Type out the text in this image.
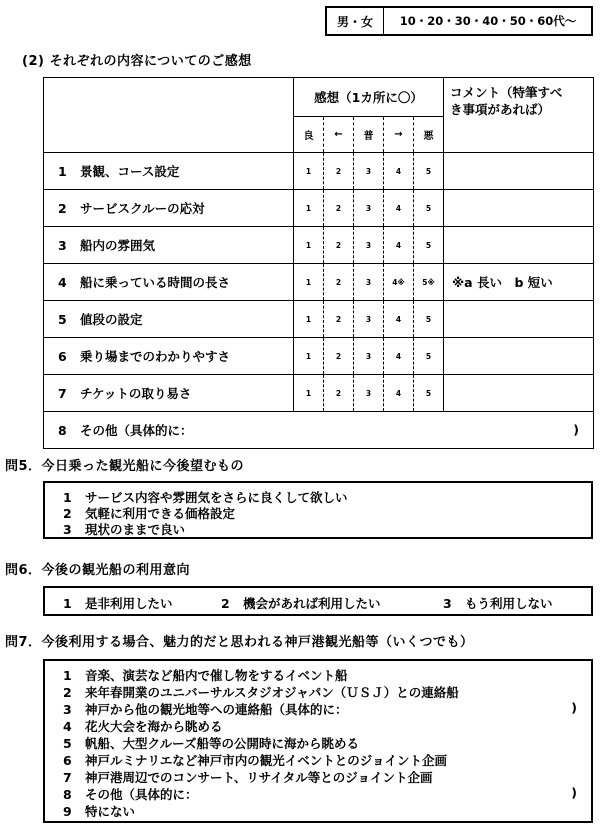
男・女	10・20・30・40・50・60代〜
(2) それぞれの内容についてのご感想
	感想（1カ所に〇）					コメント（特筆すべ
き事項があれば）

	良	←	普	→	悪	
1 景観、コース設定	1	2	3	4	5	
2 サービスクルーの応対	1	2	3	4	5	
3 船内の雰囲気	1	2	3	4	5	
4 船に乗っている時間の長さ	1	2	3	4※	5※	※a 長い　b 短い
5 値段の設定	1	2	3	4	5	
6 乗り場までのわかりやすさ	1	2	3	4	5	
7 チケットの取り易さ	1	2	3	4	5	
8 その他（具体的に： )						
問5．今日乗った観光船に今後望むもの
1 サービス内容や雰囲気をさらに良くして欲しい
2 気軽に利用できる価格設定
3 現状のままで良い
問6．今後の観光船の利用意向
1 是非利用したい	2 機会があれば利用したい	3 もう利用しない
問7．今後利用する場合、魅力的だと思われる神戸港観光船等（いくつでも）
1 音楽、演芸など船内で催し物をするイベント船
2 来年春開業のユニバーサルスタジオジャパン（ＵＳＪ）との連絡船
3 神戸から他の観光地等への連絡船（具体的に：	)
4 花火大会を海から眺める
5 帆船、大型クルーズ船等の公開時に海から眺める
6 神戸ルミナリエなど神戸市内の観光イベントとのジョイント企画
7 神戸港周辺でのコンサート、リサイタル等とのジョイント企画
8 その他（具体的に：	)
9 特にない
